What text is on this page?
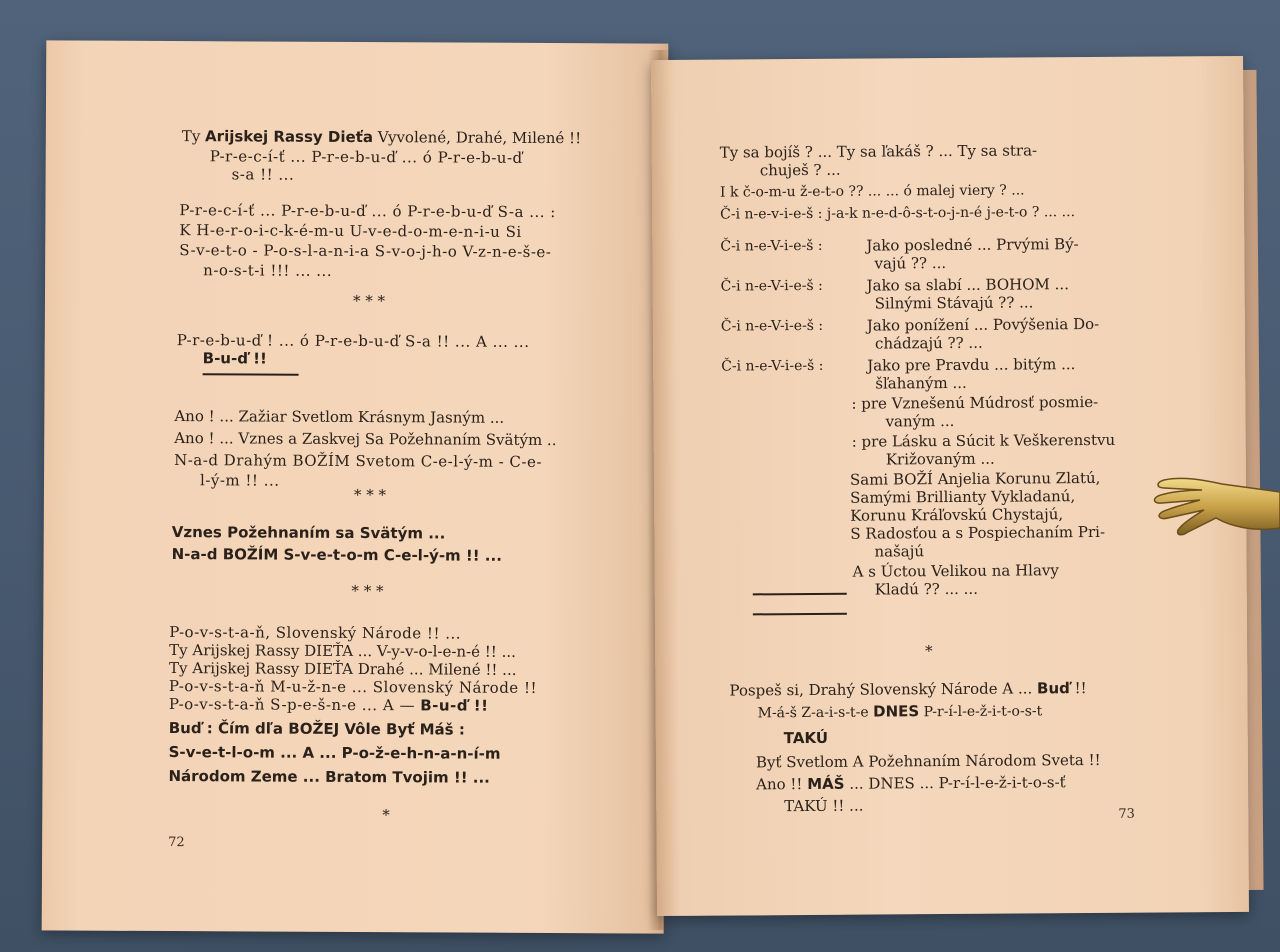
Ty Arijskej Rassy Dieťa Vyvolené, Drahé, Milené !!
P-r-e-c-í-ť ... P-r-e-b-u-ď ... ó P-r-e-b-u-ď
s-a !! ...
P-r-e-c-í-ť ... P-r-e-b-u-ď ... ó P-r-e-b-u-ď S-a ... :
K H-e-r-o-i-c-k-é-m-u U-v-e-d-o-m-e-n-i-u Si
S-v-e-t-o - P-o-s-l-a-n-i-a S-v-o-j-h-o V-z-n-e-š-e-
n-o-s-t-i !!! ... ...
* * *
P-r-e-b-u-ď ! ... ó P-r-e-b-u-ď S-a !! ... A ... ...
B-u-ď !!
Ano ! ... Zažiar Svetlom Krásnym Jasným ...
Ano ! ... Vznes a Zaskvej Sa Požehnaním Svätým ..
N-a-d Drahým BOŽÍM Svetom C-e-l-ý-m - C-e-
l-ý-m !! ...
* * *
Vznes Požehnaním sa Svätým ...
N-a-d BOŽÍM S-v-e-t-o-m C-e-l-ý-m !! ...
* * *
P-o-v-s-t-a-ň, Slovenský Národe !! ...
Ty Arijskej Rassy DIEŤA ... V-y-v-o-l-e-n-é !! ...
Ty Arijskej Rassy DIEŤA Drahé ... Milené !! ...
P-o-v-s-t-a-ň M-u-ž-n-e ... Slovenský Národe !!
P-o-v-s-t-a-ň S-p-e-š-n-e ... A — B-u-ď !!
Buď : Čím dľa BOŽEJ Vôle Byť Máš :
S-v-e-t-l-o-m ... A ... P-o-ž-e-h-n-a-n-í-m
Národom Zeme ... Bratom Tvojim !! ...
*
72
Ty sa bojíš ? ... Ty sa ľakáš ? ... Ty sa stra-
chuješ ? ...
I k č-o-m-u ž-e-t-o ?? ... ... ó malej viery ? ...
Č-i n-e-v-i-e-š : j-a-k n-e-d-ô-s-t-o-j-n-é j-e-t-o ? ... ...
Č-i n-e-V-i-e-š :	Jako posledné ... Prvými Bý-
vajú ?? ...
Č-i n-e-V-i-e-š :	Jako sa slabí ... BOHOM ...
Silnými Stávajú ?? ...
Č-i n-e-V-i-e-š :	Jako ponížení ... Povýšenia Do-
chádzajú ?? ...
Č-i n-e-V-i-e-š :	Jako pre Pravdu ... bitým ...
šľahaným ...
: pre Vznešenú Múdrosť posmie-
vaným ...
: pre Lásku a Súcit k Veškerenstvu
Križovaným ...
Sami BOŽÍ Anjelia Korunu Zlatú,
Samými Brillianty Vykladanú,
Korunu Kráľovskú Chystajú,
S Radosťou a s Pospiechaním Pri-
našajú
A s Úctou Velikou na Hlavy
Kladú ?? ... ...
*
Pospeš si, Drahý Slovenský Národe A ... Buď !!
M-á-š Z-a-i-s-t-e DNES P-r-í-l-e-ž-i-t-o-s-t
TAKÚ
Byť Svetlom A Požehnaním Národom Sveta !!
Ano !! MÁŠ ... DNES ... P-r-í-l-e-ž-i-t-o-s-ť
TAKÚ !! ...	73
